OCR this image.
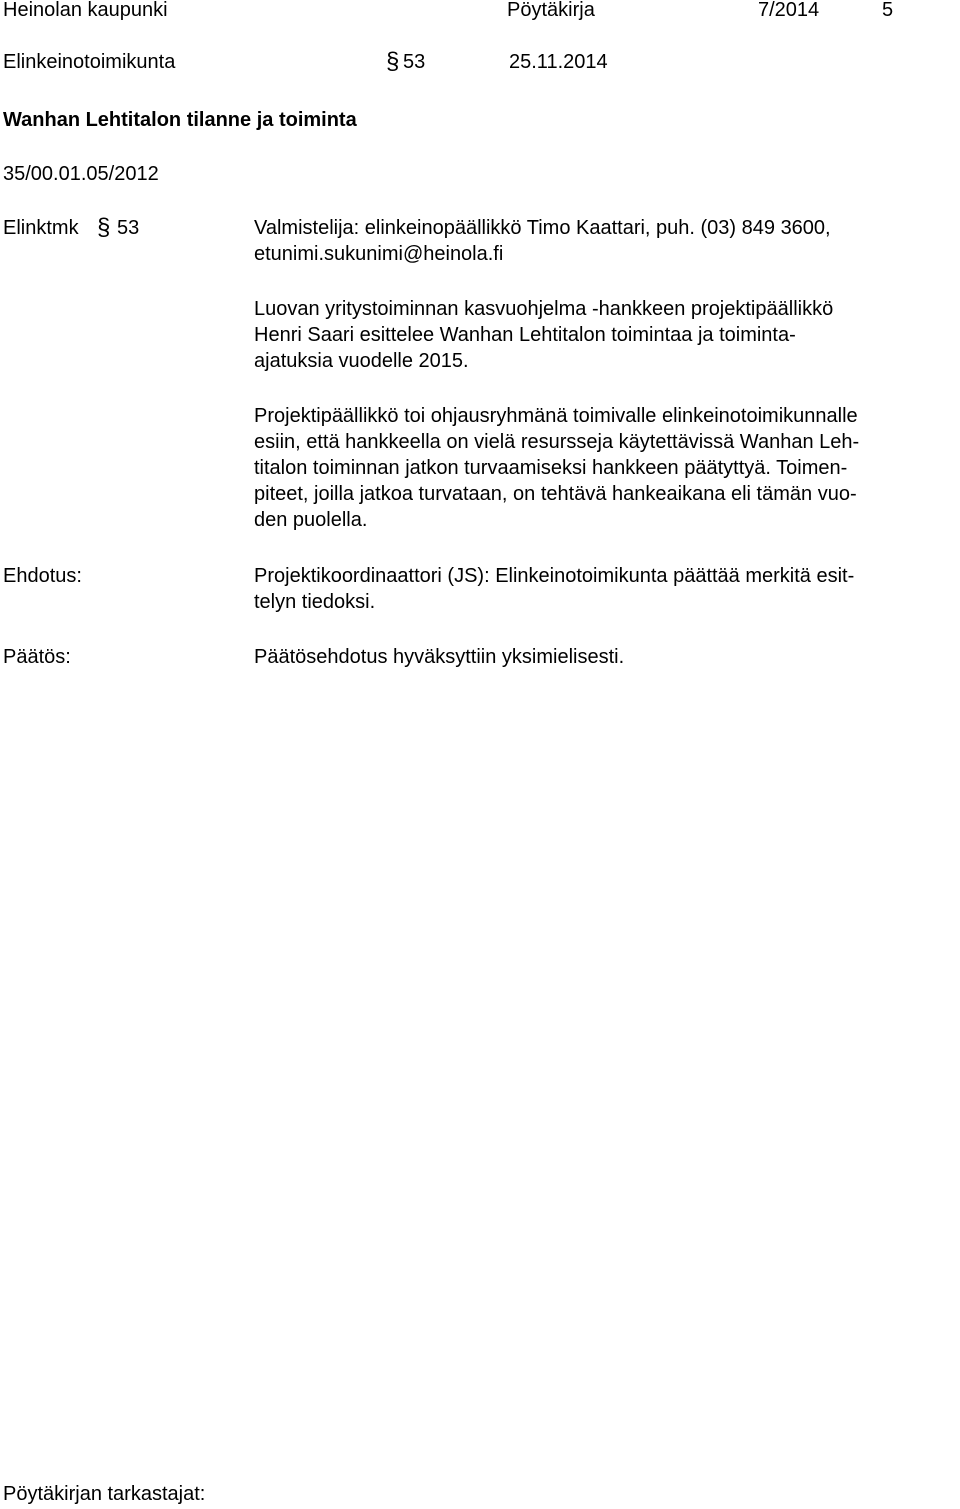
Heinolan kaupunki	Pöytäkirja	7/2014	5
Elinkeinotoimikunta	§ 53	25.11.2014
Wanhan Lehtitalon tilanne ja toiminta
35/00.01.05/2012
Elinktmk § 53	Valmistelija: elinkeinopäällikkö Timo Kaattari, puh. (03) 849 3600,

etunimi.sukunimi@heinola.fi

Luovan yritystoiminnan kasvuohjelma -hankkeen projektipäällikkö

Henri Saari esittelee Wanhan Lehtitalon toimintaa ja toiminta-

ajatuksia vuodelle 2015.

Projektipäällikkö toi ohjausryhmänä toimivalle elinkeinotoimikunnalle

esiin, että hankkeella on vielä resursseja käytettävissä Wanhan Leh-

titalon toiminnan jatkon turvaamiseksi hankkeen päätyttyä. Toimen-

piteet, joilla jatkoa turvataan, on tehtävä hankeaikana eli tämän vuo-

den puolella.

Ehdotus:	Projektikoordinaattori (JS): Elinkeinotoimikunta päättää merkitä esit-

telyn tiedoksi.

Päätös:	Päätösehdotus hyväksyttiin yksimielisesti.
Pöytäkirjan tarkastajat:
